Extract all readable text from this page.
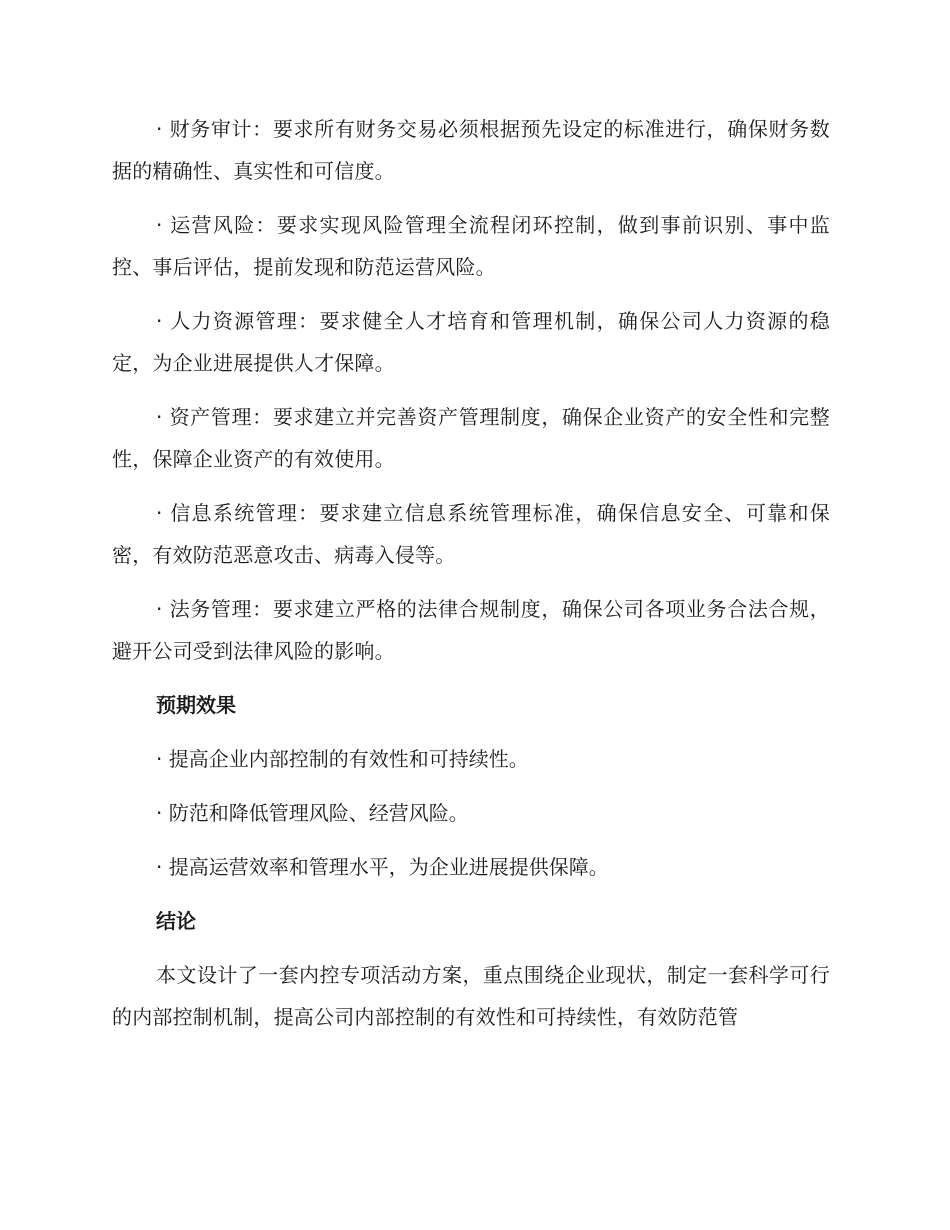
· 财务审计：要求所有财务交易必须根据预先设定的标准进行，确保财务数据的精确性、真实性和可信度。

· 运营风险：要求实现风险管理全流程闭环控制，做到事前识别、事中监控、事后评估，提前发现和防范运营风险。

· 人力资源管理：要求健全人才培育和管理机制，确保公司人力资源的稳定，为企业进展提供人才保障。

· 资产管理：要求建立并完善资产管理制度，确保企业资产的安全性和完整性，保障企业资产的有效使用。

· 信息系统管理：要求建立信息系统管理标准，确保信息安全、可靠和保密，有效防范恶意攻击、病毒入侵等。

· 法务管理：要求建立严格的法律合规制度，确保公司各项业务合法合规，避开公司受到法律风险的影响。

预期效果

· 提高企业内部控制的有效性和可持续性。

· 防范和降低管理风险、经营风险。

· 提高运营效率和管理水平，为企业进展提供保障。

结论

本文设计了一套内控专项活动方案，重点围绕企业现状，制定一套科学可行的内部控制机制，提高公司内部控制的有效性和可持续性，有效防范管
